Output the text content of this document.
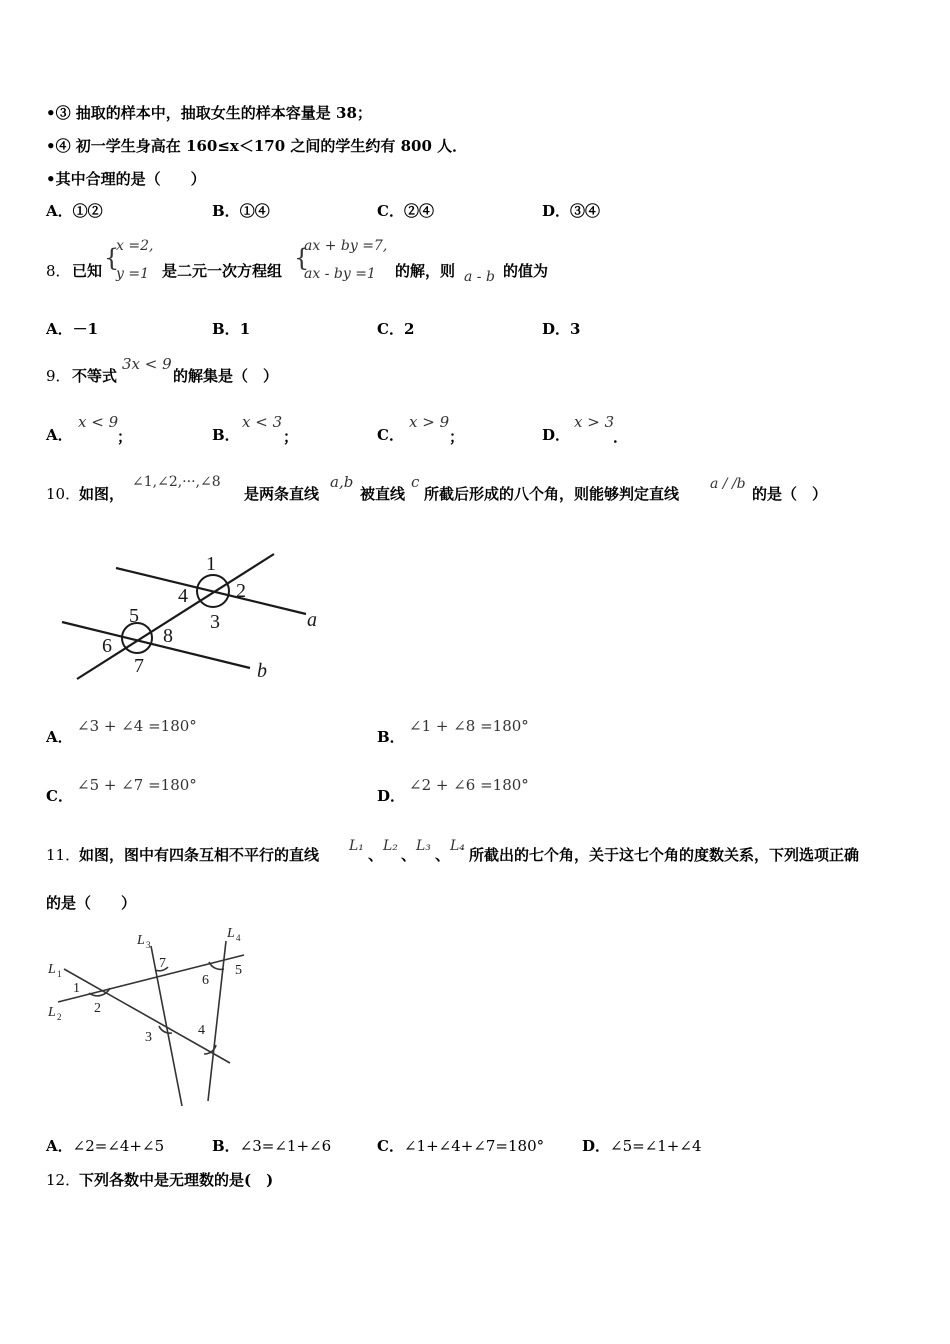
•③ 抽取的样本中，抽取女生的样本容量是 38；
•④ 初一学生身高在 160≤x＜170 之间的学生约有 800 人．
•其中合理的是（　　）
A．①②	B．①④	C．②④	D．③④
8． 已知 {
x =2,
y =1 是二元一次方程组 {
ax + by =7,
ax - by =1 的解，则 a - b 的值为
A．－1	B．1	C．2	D．3
9． 不等式
3x < 9
的解集是（　）
A．
x < 9
；	B．
x < 3
；	C．
x > 9
；	D．
x > 3
．
10．
如图，
∠1,∠2,···,∠8
是两条直线
a,b
被直线
c
所截后形成的八个角，则能够判定直线
a / /b
的是（　）
1
2
3
4
5
6
7
8
a
b
A．
∠3 + ∠4 =180°
B．
∠1 + ∠8 =180°
C．
∠5 + ∠7 =180°
D．
∠2 + ∠6 =180°
11．
如图，图中有四条互相不平行的直线 L₁ 、 L₂ 、 L₃ 、 L₄ 所截出的七个角，关于这七个角的度数关系，下列选项正确
的是（　　）
L 1
L 2
L 3
L 4
1
2
3	4
5
6
7
A．∠2=∠4+∠5	B．∠3=∠1+∠6	C．∠1+∠4+∠7=180°	D．∠5=∠1+∠4
12．
下列各数中是无理数的是(　)
